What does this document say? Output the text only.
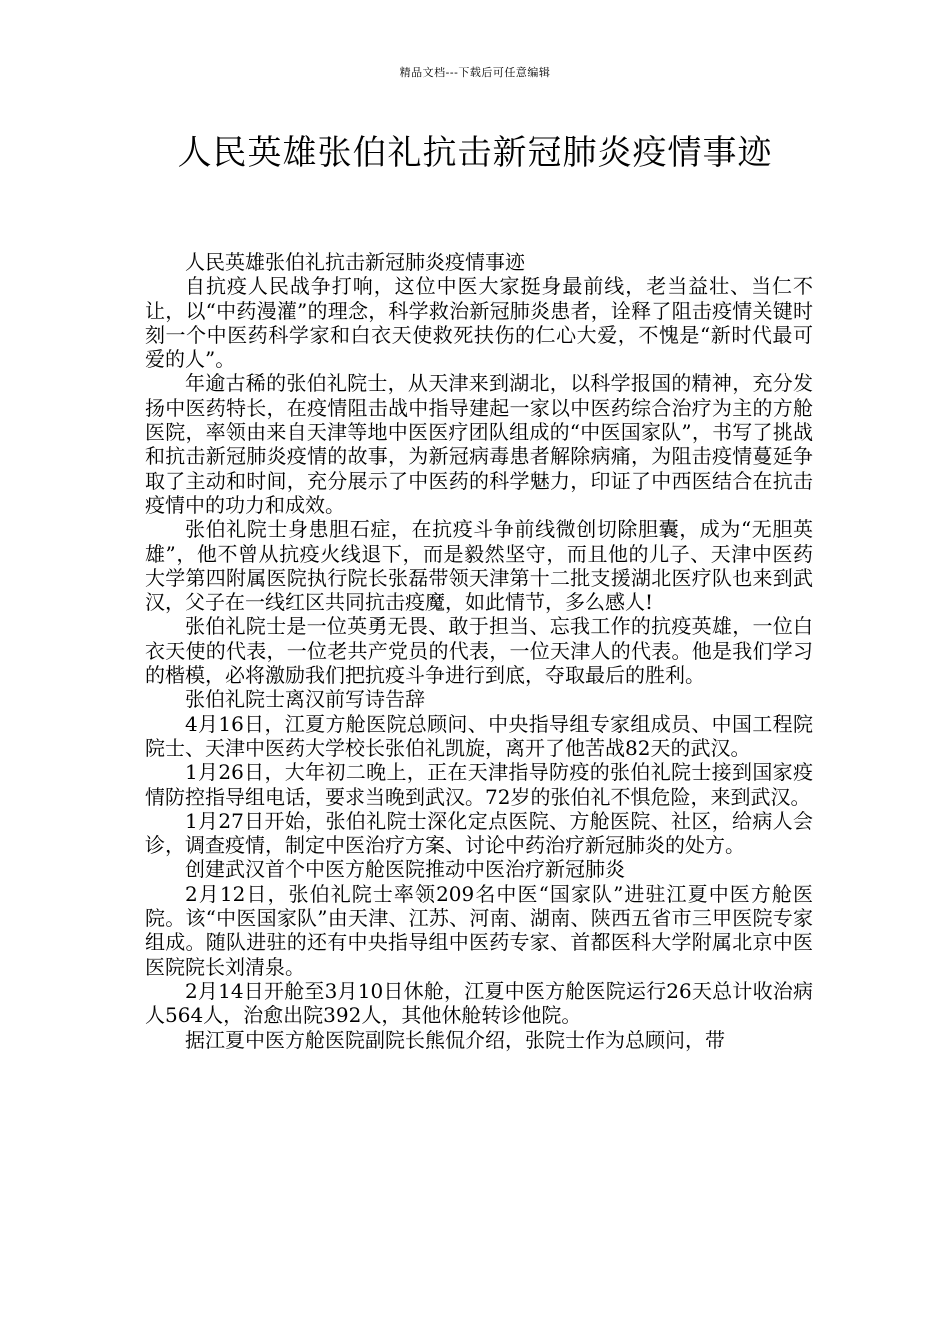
精品文档---下载后可任意编辑
人民英雄张伯礼抗击新冠肺炎疫情事迹

人民英雄张伯礼抗击新冠肺炎疫情事迹

自抗疫人民战争打响，这位中医大家挺身最前线，老当益壮、当仁不让，以“中药漫灌”的理念，科学救治新冠肺炎患者，诠释了阻击疫情关键时刻一个中医药科学家和白衣天使救死扶伤的仁心大爱，不愧是“新时代最可爱的人”。

年逾古稀的张伯礼院士，从天津来到湖北，以科学报国的精神，充分发扬中医药特长，在疫情阻击战中指导建起一家以中医药综合治疗为主的方舱医院，率领由来自天津等地中医医疗团队组成的“中医国家队”，书写了挑战和抗击新冠肺炎疫情的故事，为新冠病毒患者解除病痛，为阻击疫情蔓延争取了主动和时间，充分展示了中医药的科学魅力，印证了中西医结合在抗击疫情中的功力和成效。

张伯礼院士身患胆石症，在抗疫斗争前线微创切除胆囊，成为“无胆英雄”，他不曾从抗疫火线退下，而是毅然坚守，而且他的儿子、天津中医药大学第四附属医院执行院长张磊带领天津第十二批支援湖北医疗队也来到武汉，父子在一线红区共同抗击疫魔，如此情节，多么感人!

张伯礼院士是一位英勇无畏、敢于担当、忘我工作的抗疫英雄，一位白衣天使的代表，一位老共产党员的代表，一位天津人的代表。他是我们学习的楷模，必将激励我们把抗疫斗争进行到底，夺取最后的胜利。

张伯礼院士离汉前写诗告辞

4月16日，江夏方舱医院总顾问、中央指导组专家组成员、中国工程院院士、天津中医药大学校长张伯礼凯旋，离开了他苦战82天的武汉。

1月26日，大年初二晚上，正在天津指导防疫的张伯礼院士接到国家疫情防控指导组电话，要求当晚到武汉。72岁的张伯礼不惧危险，来到武汉。

1月27日开始，张伯礼院士深化定点医院、方舱医院、社区，给病人会诊，调查疫情，制定中医治疗方案、讨论中药治疗新冠肺炎的处方。

创建武汉首个中医方舱医院推动中医治疗新冠肺炎

2月12日，张伯礼院士率领209名中医“国家队”进驻江夏中医方舱医院。该“中医国家队”由天津、江苏、河南、湖南、陕西五省市三甲医院专家组成。随队进驻的还有中央指导组中医药专家、首都医科大学附属北京中医医院院长刘清泉。

2月14日开舱至3月10日休舱，江夏中医方舱医院运行26天总计收治病人564人，治愈出院392人，其他休舱转诊他院。

据江夏中医方舱医院副院长熊侃介绍，张院士作为总顾问，带
